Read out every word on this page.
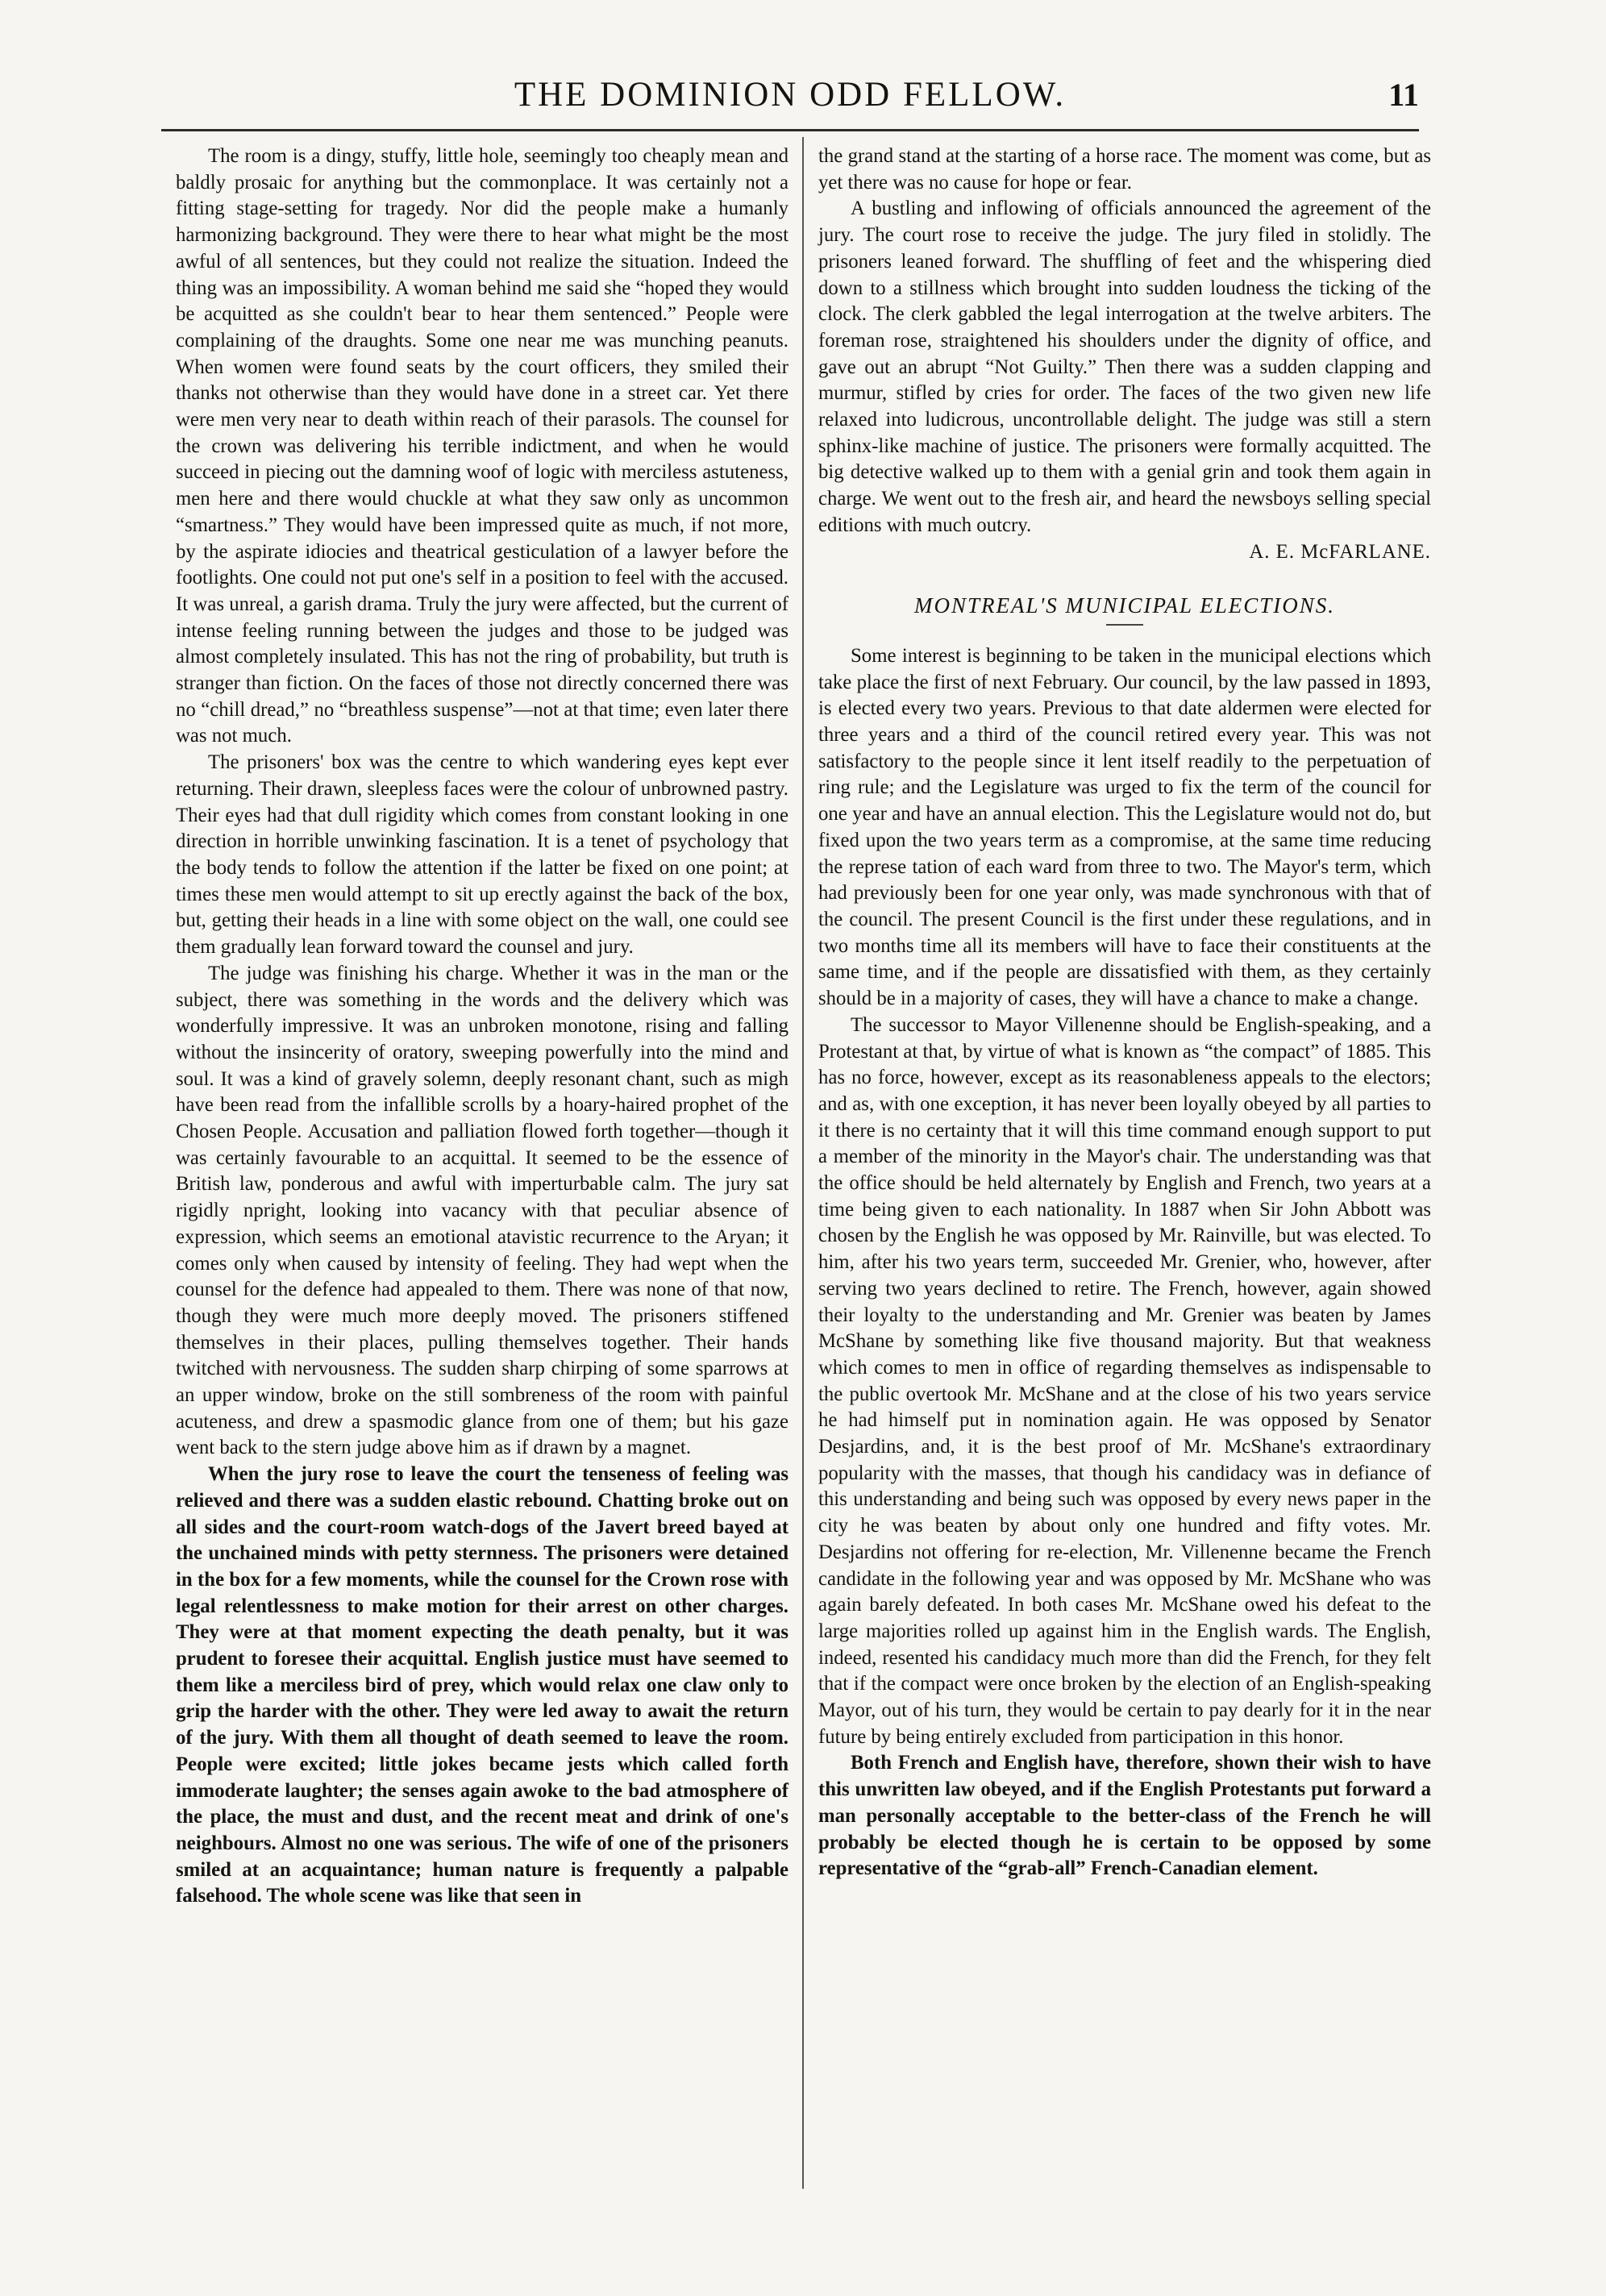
THE DOMINION ODD FELLOW.	11

The room is a dingy, stuffy, little hole, seemingly too cheaply mean and baldly prosaic for anything but the commonplace. It was certainly not a fitting stage-setting for tragedy. Nor did the people make a humanly harmonizing background. They were there to hear what might be the most awful of all sentences, but they could not realize the situation. Indeed the thing was an impossibility. A woman behind me said she “hoped they would be acquitted as she couldn't bear to hear them sentenced.” People were complaining of the draughts. Some one near me was munching peanuts. When women were found seats by the court officers, they smiled their thanks not otherwise than they would have done in a street car. Yet there were men very near to death within reach of their parasols. The counsel for the crown was delivering his terrible indictment, and when he would succeed in piecing out the damning woof of logic with merciless astuteness, men here and there would chuckle at what they saw only as uncommon “smartness.” They would have been impressed quite as much, if not more, by the aspirate idiocies and theatrical gesticulation of a lawyer before the footlights. One could not put one's self in a position to feel with the accused. It was unreal, a garish drama. Truly the jury were affected, but the current of intense feeling running between the judges and those to be judged was almost completely insulated. This has not the ring of probability, but truth is stranger than fiction. On the faces of those not directly concerned there was no “chill dread,” no “breathless suspense”—not at that time; even later there was not much.

The prisoners' box was the centre to which wandering eyes kept ever returning. Their drawn, sleepless faces were the colour of unbrowned pastry. Their eyes had that dull rigidity which comes from constant looking in one direction in horrible unwinking fascination. It is a tenet of psychology that the body tends to follow the attention if the latter be fixed on one point; at times these men would attempt to sit up erectly against the back of the box, but, getting their heads in a line with some object on the wall, one could see them gradually lean forward toward the counsel and jury.

The judge was finishing his charge. Whether it was in the man or the subject, there was something in the words and the delivery which was wonderfully impressive. It was an unbroken monotone, rising and falling without the insincerity of oratory, sweeping powerfully into the mind and soul. It was a kind of gravely solemn, deeply resonant chant, such as migh have been read from the infallible scrolls by a hoary-haired prophet of the Chosen People. Accusation and palliation flowed forth together—though it was certainly favourable to an acquittal. It seemed to be the essence of British law, ponderous and awful with imperturbable calm. The jury sat rigidly npright, looking into vacancy with that peculiar absence of expression, which seems an emotional atavistic recurrence to the Aryan; it comes only when caused by intensity of feeling. They had wept when the counsel for the defence had appealed to them. There was none of that now, though they were much more deeply moved. The prisoners stiffened themselves in their places, pulling themselves together. Their hands twitched with nervousness. The sudden sharp chirping of some sparrows at an upper window, broke on the still sombreness of the room with painful acuteness, and drew a spasmodic glance from one of them; but his gaze went back to the stern judge above him as if drawn by a magnet.

When the jury rose to leave the court the tenseness of feeling was relieved and there was a sudden elastic rebound. Chatting broke out on all sides and the court-room watch-dogs of the Javert breed bayed at the unchained minds with petty sternness. The prisoners were detained in the box for a few moments, while the counsel for the Crown rose with legal relentlessness to make motion for their arrest on other charges. They were at that moment expecting the death penalty, but it was prudent to foresee their acquittal. English justice must have seemed to them like a merciless bird of prey, which would relax one claw only to grip the harder with the other. They were led away to await the return of the jury. With them all thought of death seemed to leave the room. People were excited; little jokes became jests which called forth immoderate laughter; the senses again awoke to the bad atmosphere of the place, the must and dust, and the recent meat and drink of one's neighbours. Almost no one was serious. The wife of one of the prisoners smiled at an acquaintance; human nature is frequently a palpable falsehood. The whole scene was like that seen in

the grand stand at the starting of a horse race. The moment was come, but as yet there was no cause for hope or fear.

A bustling and inflowing of officials announced the agreement of the jury. The court rose to receive the judge. The jury filed in stolidly. The prisoners leaned forward. The shuffling of feet and the whispering died down to a stillness which brought into sudden loudness the ticking of the clock. The clerk gabbled the legal interrogation at the twelve arbiters. The foreman rose, straightened his shoulders under the dignity of office, and gave out an abrupt “Not Guilty.” Then there was a sudden clapping and murmur, stifled by cries for order. The faces of the two given new life relaxed into ludicrous, uncontrollable delight. The judge was still a stern sphinx-like machine of justice. The prisoners were formally acquitted. The big detective walked up to them with a genial grin and took them again in charge. We went out to the fresh air, and heard the newsboys selling special editions with much outcry.

A. E. McFARLANE.

MONTREAL'S MUNICIPAL ELECTIONS.

Some interest is beginning to be taken in the municipal elections which take place the first of next February. Our council, by the law passed in 1893, is elected every two years. Previous to that date aldermen were elected for three years and a third of the council retired every year. This was not satisfactory to the people since it lent itself readily to the perpetuation of ring rule; and the Legislature was urged to fix the term of the council for one year and have an annual election. This the Legislature would not do, but fixed upon the two years term as a compromise, at the same time reducing the represe tation of each ward from three to two. The Mayor's term, which had previously been for one year only, was made synchronous with that of the council. The present Council is the first under these regulations, and in two months time all its members will have to face their constituents at the same time, and if the people are dissatisfied with them, as they certainly should be in a majority of cases, they will have a chance to make a change.

The successor to Mayor Villenenne should be English-speaking, and a Protestant at that, by virtue of what is known as “the compact” of 1885. This has no force, however, except as its reasonableness appeals to the electors; and as, with one exception, it has never been loyally obeyed by all parties to it there is no certainty that it will this time command enough support to put a member of the minority in the Mayor's chair. The understanding was that the office should be held alternately by English and French, two years at a time being given to each nationality. In 1887 when Sir John Abbott was chosen by the English he was opposed by Mr. Rainville, but was elected. To him, after his two years term, succeeded Mr. Grenier, who, however, after serving two years declined to retire. The French, however, again showed their loyalty to the understanding and Mr. Grenier was beaten by James McShane by something like five thousand majority. But that weakness which comes to men in office of regarding themselves as indispensable to the public overtook Mr. McShane and at the close of his two years service he had himself put in nomination again. He was opposed by Senator Desjardins, and, it is the best proof of Mr. McShane's extraordinary popularity with the masses, that though his candidacy was in defiance of this understanding and being such was opposed by every news paper in the city he was beaten by about only one hundred and fifty votes. Mr. Desjardins not offering for re-election, Mr. Villenenne became the French candidate in the following year and was opposed by Mr. McShane who was again barely defeated. In both cases Mr. McShane owed his defeat to the large majorities rolled up against him in the English wards. The English, indeed, resented his candidacy much more than did the French, for they felt that if the compact were once broken by the election of an English-speaking Mayor, out of his turn, they would be certain to pay dearly for it in the near future by being entirely excluded from participation in this honor.

Both French and English have, therefore, shown their wish to have this unwritten law obeyed, and if the English Protestants put forward a man personally acceptable to the better-class of the French he will probably be elected though he is certain to be opposed by some representative of the “grab-all” French-Canadian element.
